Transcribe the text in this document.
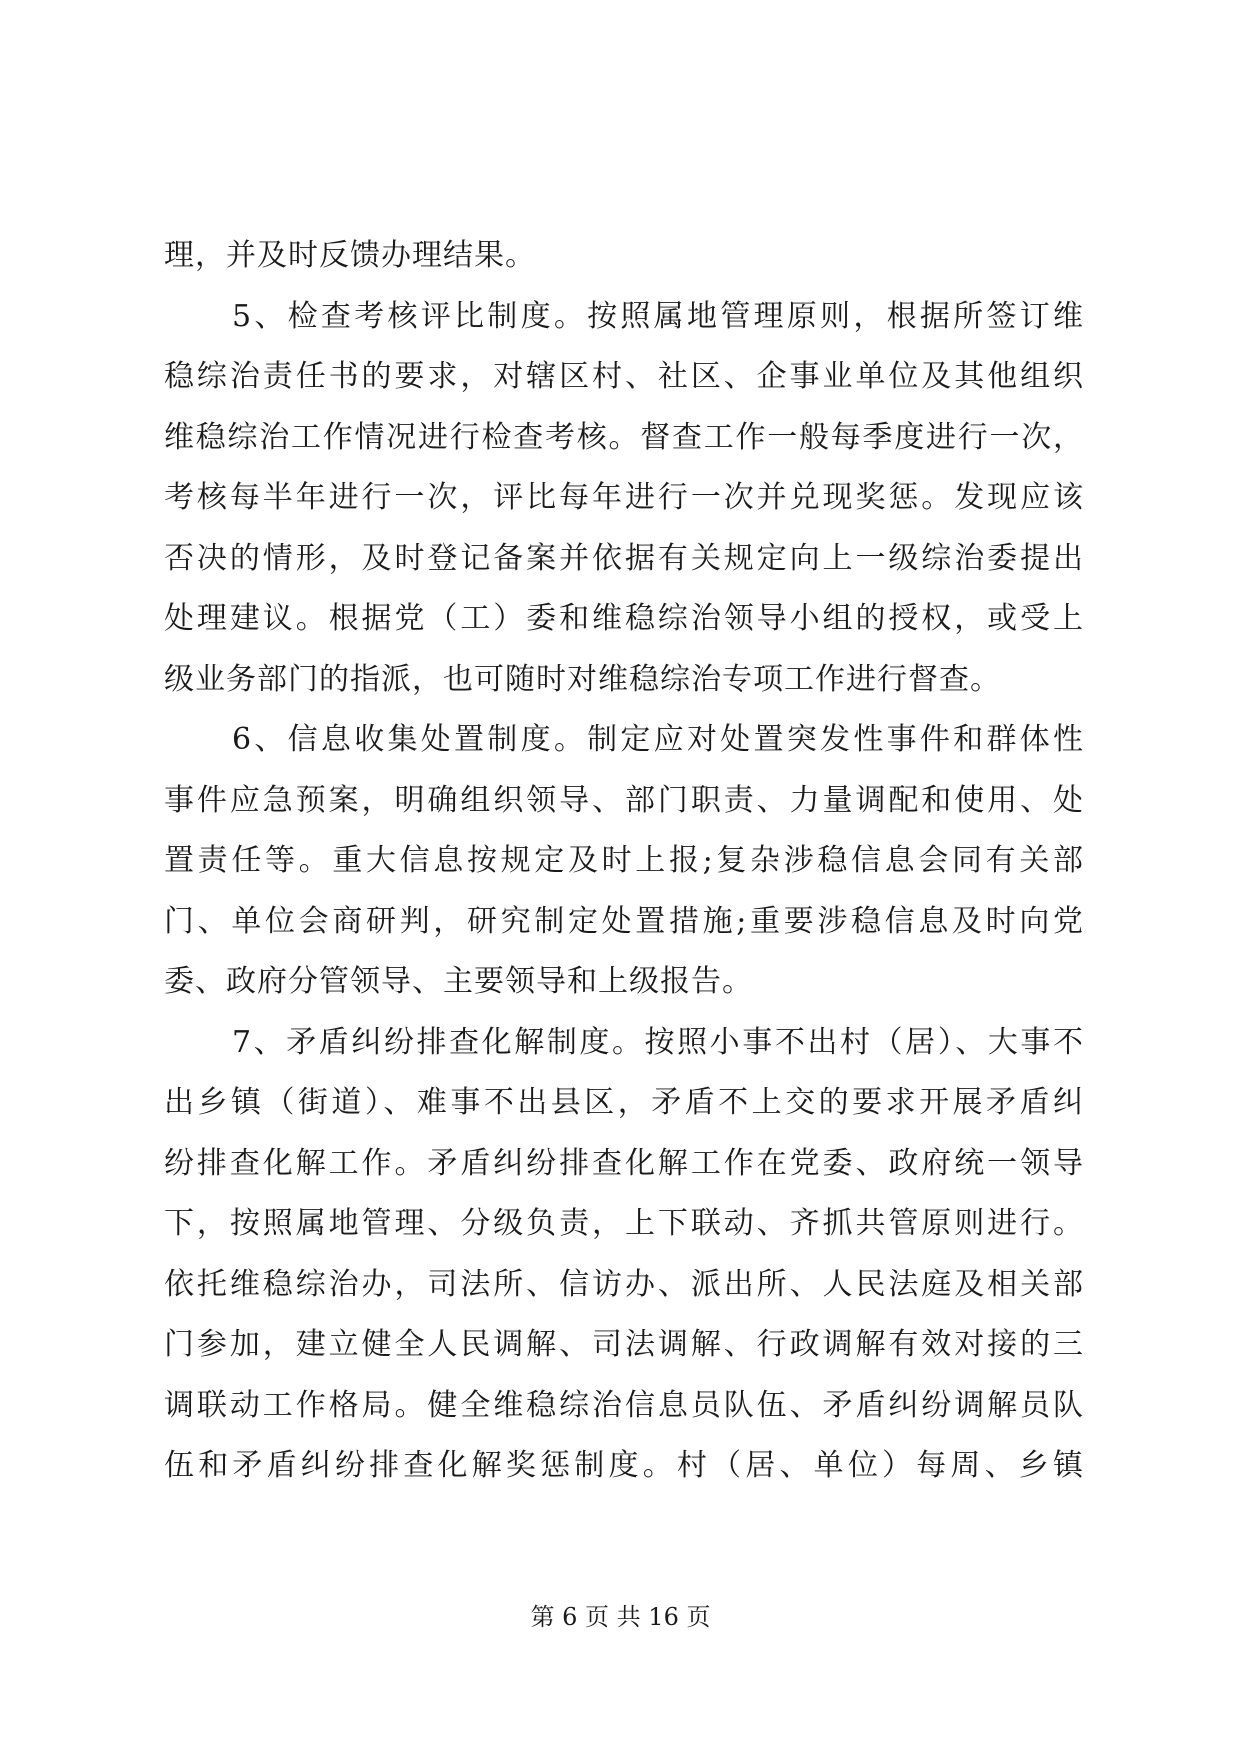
理，并及时反馈办理结果。
5、检查考核评比制度。按照属地管理原则，根据所签订维
稳综治责任书的要求，对辖区村、社区、企事业单位及其他组织
维稳综治工作情况进行检查考核。督查工作一般每季度进行一次，
考核每半年进行一次，评比每年进行一次并兑现奖惩。发现应该
否决的情形，及时登记备案并依据有关规定向上一级综治委提出
处理建议。根据党（工）委和维稳综治领导小组的授权，或受上
级业务部门的指派，也可随时对维稳综治专项工作进行督查。
6、信息收集处置制度。制定应对处置突发性事件和群体性
事件应急预案，明确组织领导、部门职责、力量调配和使用、处
置责任等。重大信息按规定及时上报;复杂涉稳信息会同有关部
门、单位会商研判，研究制定处置措施;重要涉稳信息及时向党
委、政府分管领导、主要领导和上级报告。
7、矛盾纠纷排查化解制度。按照小事不出村（居）、大事不
出乡镇（街道）、难事不出县区，矛盾不上交的要求开展矛盾纠
纷排查化解工作。矛盾纠纷排查化解工作在党委、政府统一领导
下，按照属地管理、分级负责，上下联动、齐抓共管原则进行。
依托维稳综治办，司法所、信访办、派出所、人民法庭及相关部
门参加，建立健全人民调解、司法调解、行政调解有效对接的三
调联动工作格局。健全维稳综治信息员队伍、矛盾纠纷调解员队
伍和矛盾纠纷排查化解奖惩制度。村（居、单位）每周、乡镇
第 6 页 共 16 页
